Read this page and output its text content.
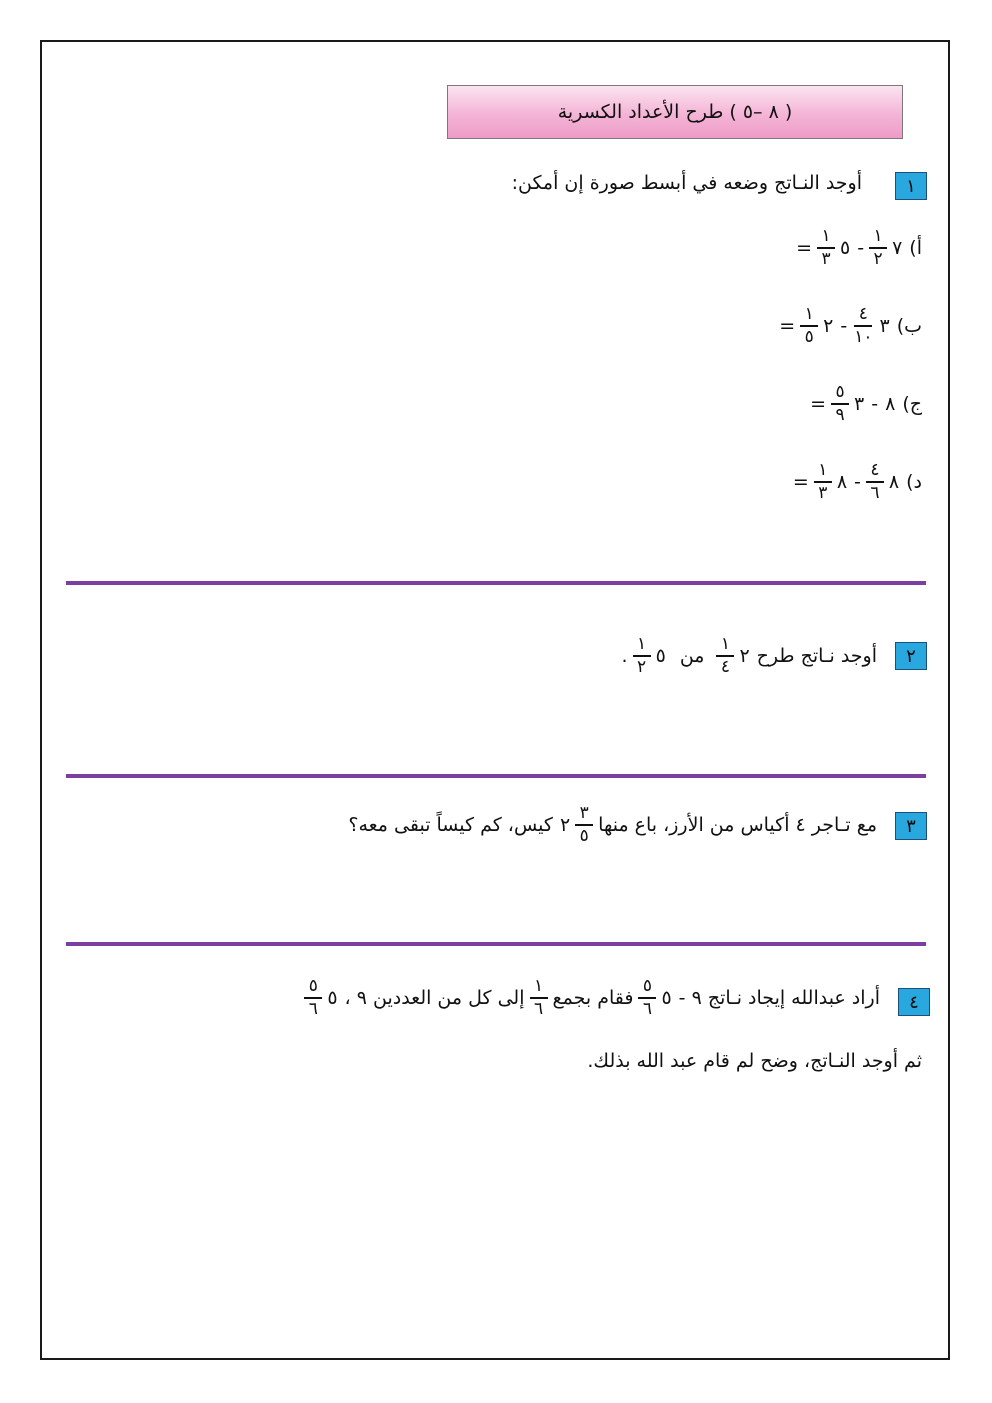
( ٨ –٥ ) طرح الأعداد الكسرية
١
أوجد النـاتج وضعه في أبسط صورة إن أمكن:
أ)
٧
$\frac{١}{٢}$
-
٥
$\frac{١}{٣}$
=
ب)
٣
$\frac{٤}{١٠}$
-
٢
$\frac{١}{٥}$
=
ج)
٨
-
٣
$\frac{٥}{٩}$
=
د)
٨
$\frac{٤}{٦}$
-
٨
$\frac{١}{٣}$
=
٢
أوجد نـاتج طرح
٢
$\frac{١}{٤}$
من
٥
$\frac{١}{٢}$
.
٣
مع تـاجر ٤ أكياس من الأرز، باع منها
$\frac{٣}{٥}$
٢
كيس، كم كيساً تبقى معه؟
٤
أراد عبدالله إيجاد نـاتج ٩ -
٥
$\frac{٥}{٦}$
فقام بجمع
$\frac{١}{٦}$
إلى كل من العددين ٩ ،
٥
$\frac{٥}{٦}$
ثم أوجد النـاتج، وضح لم قام عبد الله بذلك.
